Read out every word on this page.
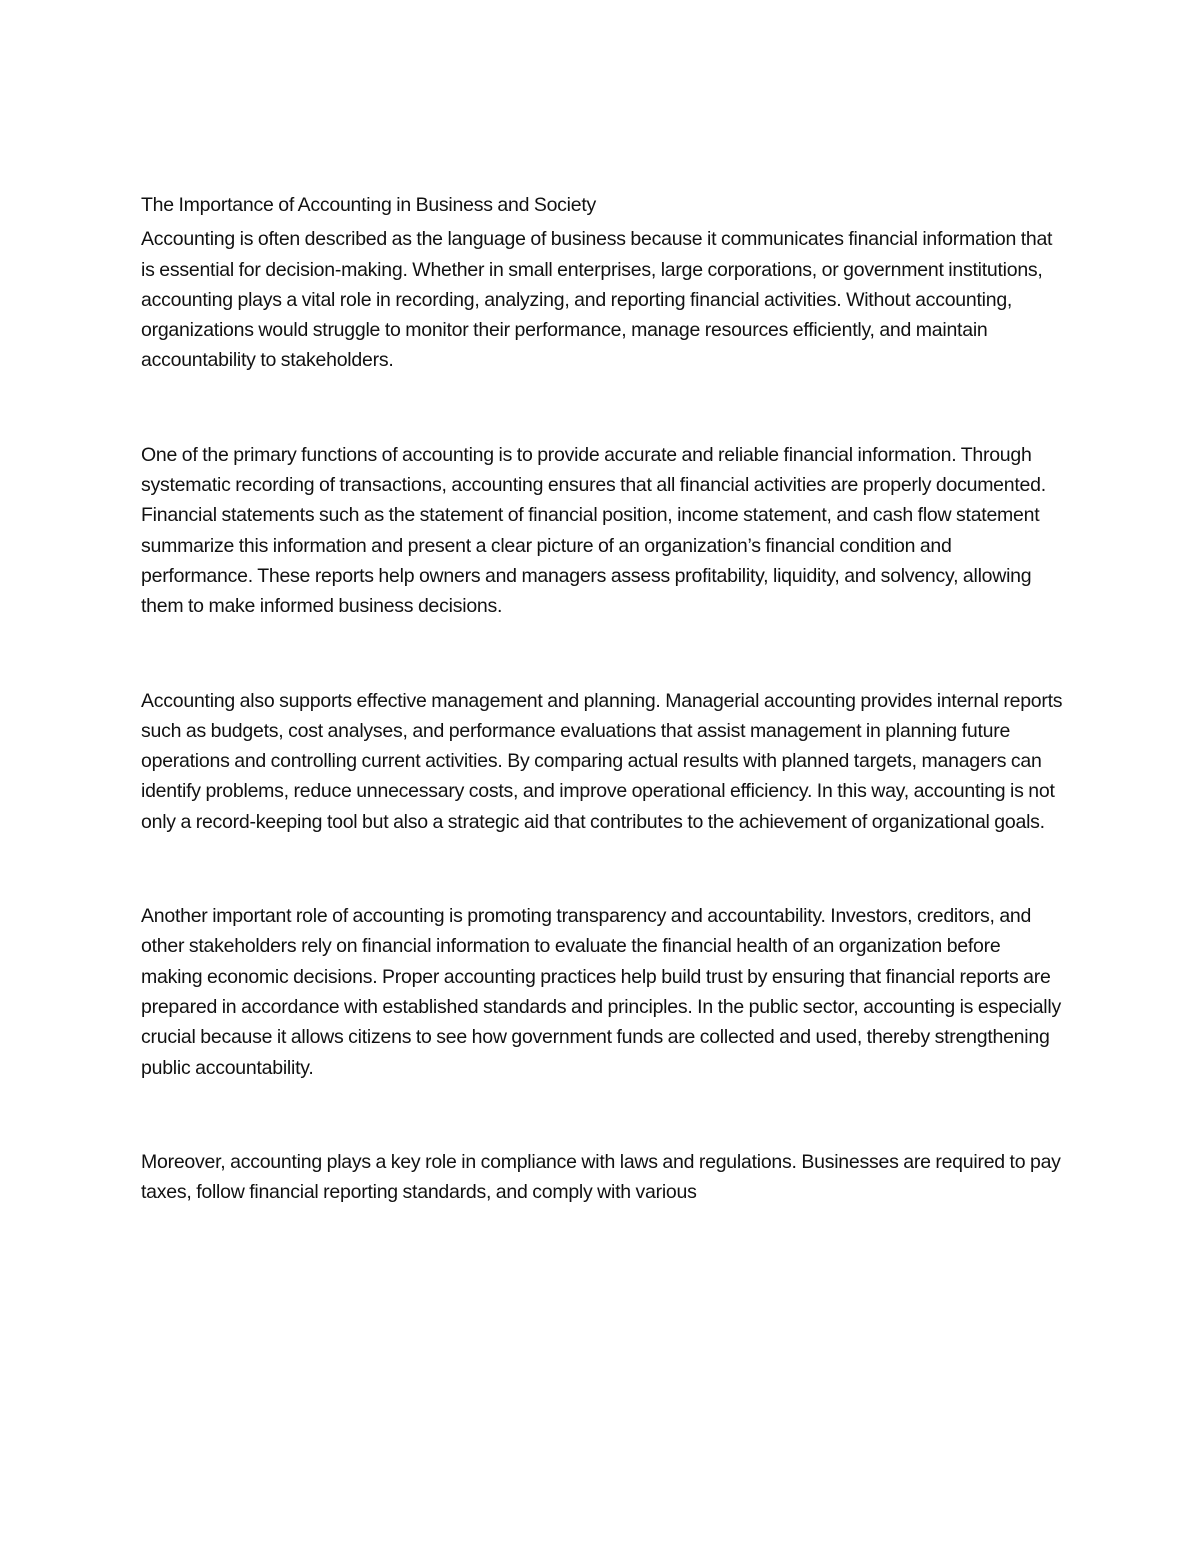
The Importance of Accounting in Business and Society

Accounting is often described as the language of business because it communicates financial information that is essential for decision-making. Whether in small enterprises, large corporations, or government institutions, accounting plays a vital role in recording, analyzing, and reporting financial activities. Without accounting, organizations would struggle to monitor their performance, manage resources efficiently, and maintain accountability to stakeholders.

One of the primary functions of accounting is to provide accurate and reliable financial information. Through systematic recording of transactions, accounting ensures that all financial activities are properly documented. Financial statements such as the statement of financial position, income statement, and cash flow statement summarize this information and present a clear picture of an organization’s financial condition and performance. These reports help owners and managers assess profitability, liquidity, and solvency, allowing them to make informed business decisions.

Accounting also supports effective management and planning. Managerial accounting provides internal reports such as budgets, cost analyses, and performance evaluations that assist management in planning future operations and controlling current activities. By comparing actual results with planned targets, managers can identify problems, reduce unnecessary costs, and improve operational efficiency. In this way, accounting is not only a record-keeping tool but also a strategic aid that contributes to the achievement of organizational goals.

Another important role of accounting is promoting transparency and accountability. Investors, creditors, and other stakeholders rely on financial information to evaluate the financial health of an organization before making economic decisions. Proper accounting practices help build trust by ensuring that financial reports are prepared in accordance with established standards and principles. In the public sector, accounting is especially crucial because it allows citizens to see how government funds are collected and used, thereby strengthening public accountability.

Moreover, accounting plays a key role in compliance with laws and regulations. Businesses are required to pay taxes, follow financial reporting standards, and comply with various
